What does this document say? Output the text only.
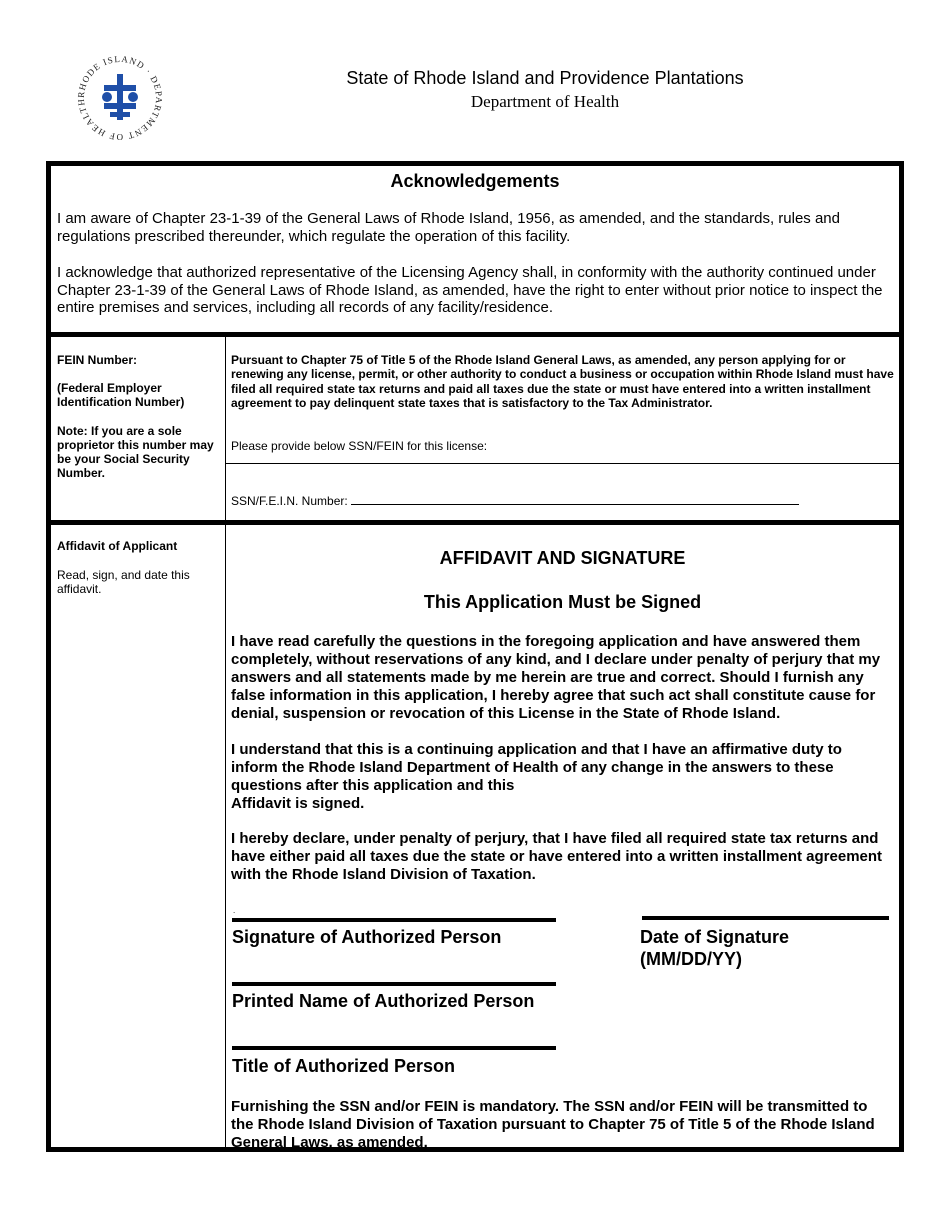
RHODE ISLAND · DEPARTMENT OF HEALTH
State of Rhode Island and Providence Plantations
Department of Health
Acknowledgements

I am aware of Chapter 23-1-39 of the General Laws of Rhode Island, 1956, as amended, and the standards, rules and regulations prescribed thereunder, which regulate the operation of this facility.

I acknowledge that authorized representative of the Licensing Agency shall, in conformity with the authority continued under Chapter 23-1-39 of the General Laws of Rhode Island, as amended, have the right to enter without prior notice to inspect the entire premises and services, including all records of any facility/residence.

FEIN Number:

(Federal Employer Identification Number)

Note: If you are a sole proprietor this number may be your Social Security Number.

Pursuant to Chapter 75 of Title 5 of the Rhode Island General Laws, as amended, any person applying for or renewing any license, permit, or other authority to conduct a business or occupation within Rhode Island must have filed all required state tax returns and paid all taxes due the state or must have entered into a written installment agreement to pay delinquent state taxes that is satisfactory to the Tax Administrator.

Please provide below SSN/FEIN for this license:

SSN/F.E.I.N. Number:

Affidavit of Applicant

Read, sign, and date this affidavit.

AFFIDAVIT AND SIGNATURE
This Application Must be Signed

I have read carefully the questions in the foregoing application and have answered them completely, without reservations of any kind, and I declare under penalty of perjury that my answers and all statements made by me herein are true and correct. Should I furnish any false information in this application, I hereby agree that such act shall constitute cause for denial, suspension or revocation of this License in the State of Rhode Island.

I understand that this is a continuing application and that I have an affirmative duty to inform the Rhode Island Department of Health of any change in the answers to these questions after this application and this
Affidavit is signed.

I hereby declare, under penalty of perjury, that I have filed all required state tax returns and have either paid all taxes due the state or have entered into a written installment agreement with the Rhode Island Division of Taxation.

.
Signature of Authorized Person	Date of Signature
(MM/DD/YY)
Printed Name of Authorized Person
Title of Authorized Person

Furnishing the SSN and/or FEIN is mandatory. The SSN and/or FEIN will be transmitted to the Rhode Island Division of Taxation pursuant to Chapter 75 of Title 5 of the Rhode Island General Laws, as amended.
